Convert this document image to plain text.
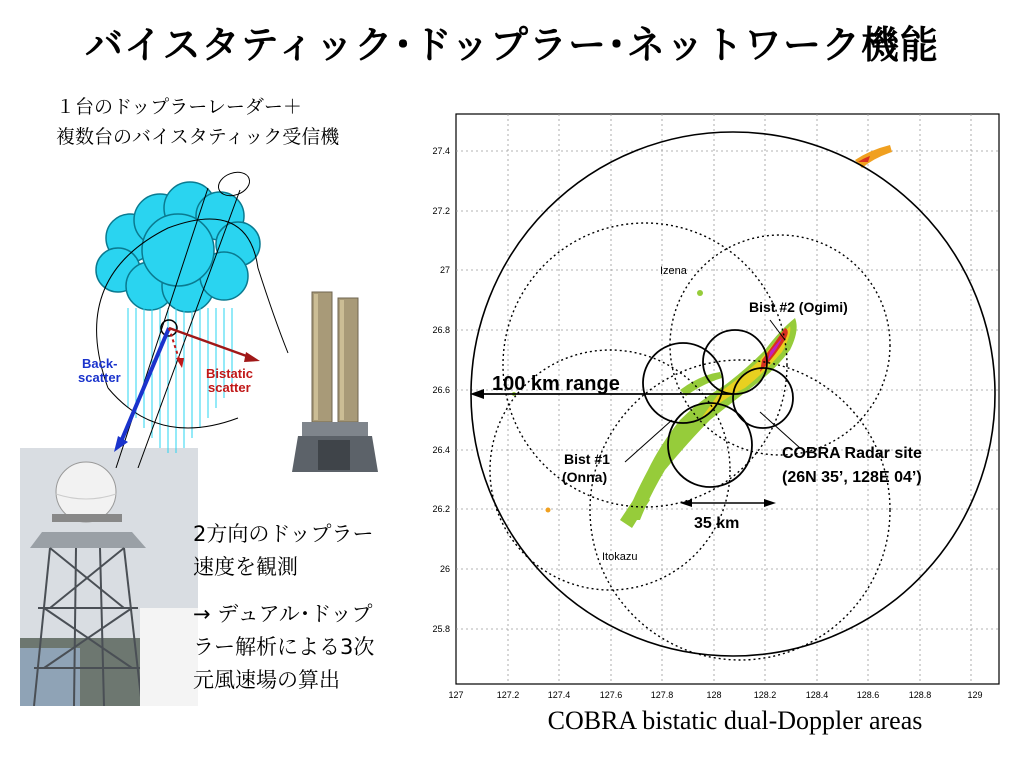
バイスタティック･ドップラー･ネットワーク機能
１台のドップラーレーダー＋
複数台のバイスタティック受信機
Back-
scatter	Bistatic
scatter
2方向のドップラー
速度を観測
→ デュアル･ドップ
ラー解析による3次
元風速場の算出
127	127.2	127.4	127.6	127.8	128	128.2	128.4	128.6	128.8	129
27.4
27.2
27
26.8
26.6
26.4
26.2
26
25.8
Izena
Itokazu
Bist #2 (Ogimi)
Bist #1
(Onna)
100 km range
COBRA Radar site
(26N 35’, 128E 04’)
35 km
COBRA bistatic dual-Doppler areas
